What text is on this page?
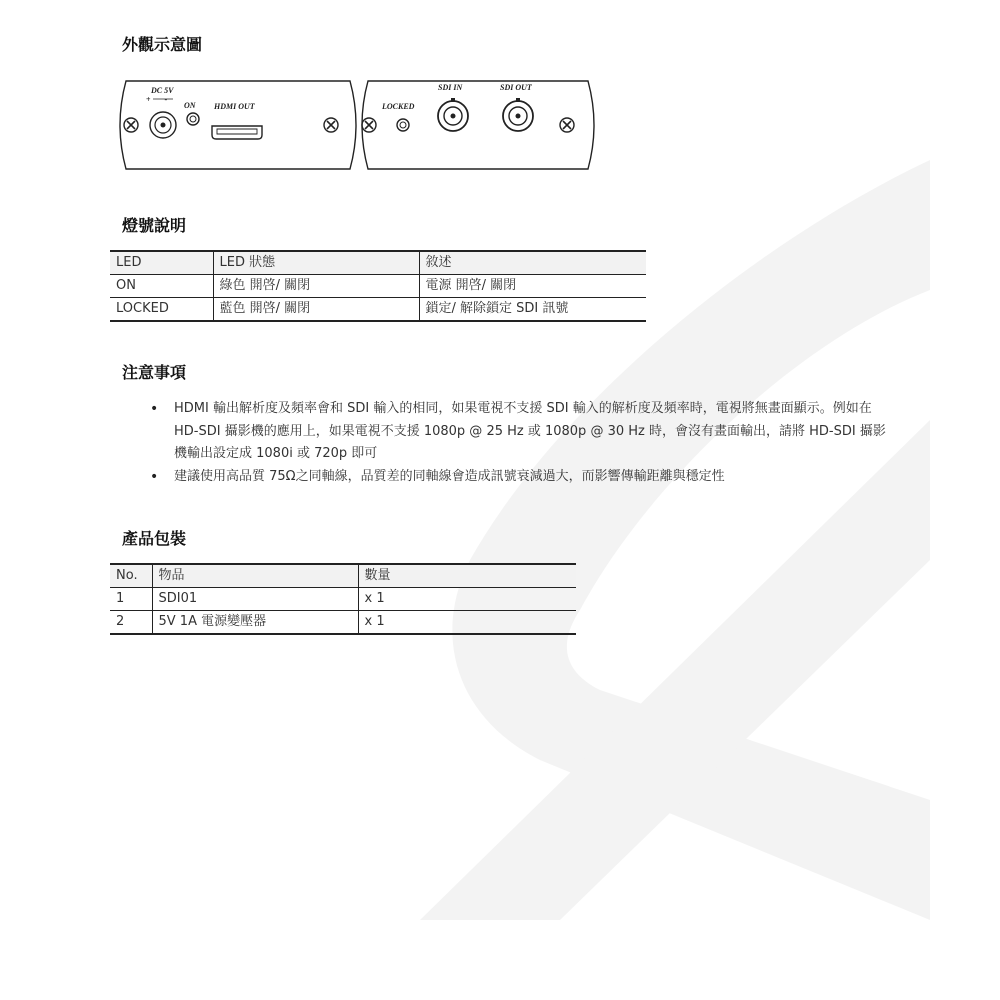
外觀示意圖
DC 5V
+ -
ON HDMI OUT	LOCKED
SDI IN	SDI OUT
燈號說明
LED	LED 狀態	敘述
ON	綠色 開啓/ 關閉	電源 開啓/ 關閉
LOCKED	藍色 開啓/ 關閉	鎖定/ 解除鎖定 SDI 訊號
注意事項
• HDMI 輸出解析度及頻率會和 SDI 輸入的相同，如果電視不支援 SDI 輸入的解析度及頻率時，電視將無畫面顯示。例如在 HD-SDI 攝影機的應用上，如果電視不支援 1080p @ 25 Hz 或 1080p @ 30 Hz 時，會沒有畫面輸出，請將 HD-SDI 攝影機輸出設定成 1080i 或 720p 即可
• 建議使用高品質 75Ω之同軸線，品質差的同軸線會造成訊號衰減過大，而影響傳輸距離與穩定性
產品包裝
No.	物品	數量
1	SDI01	x 1
2	5V 1A 電源變壓器	x 1
